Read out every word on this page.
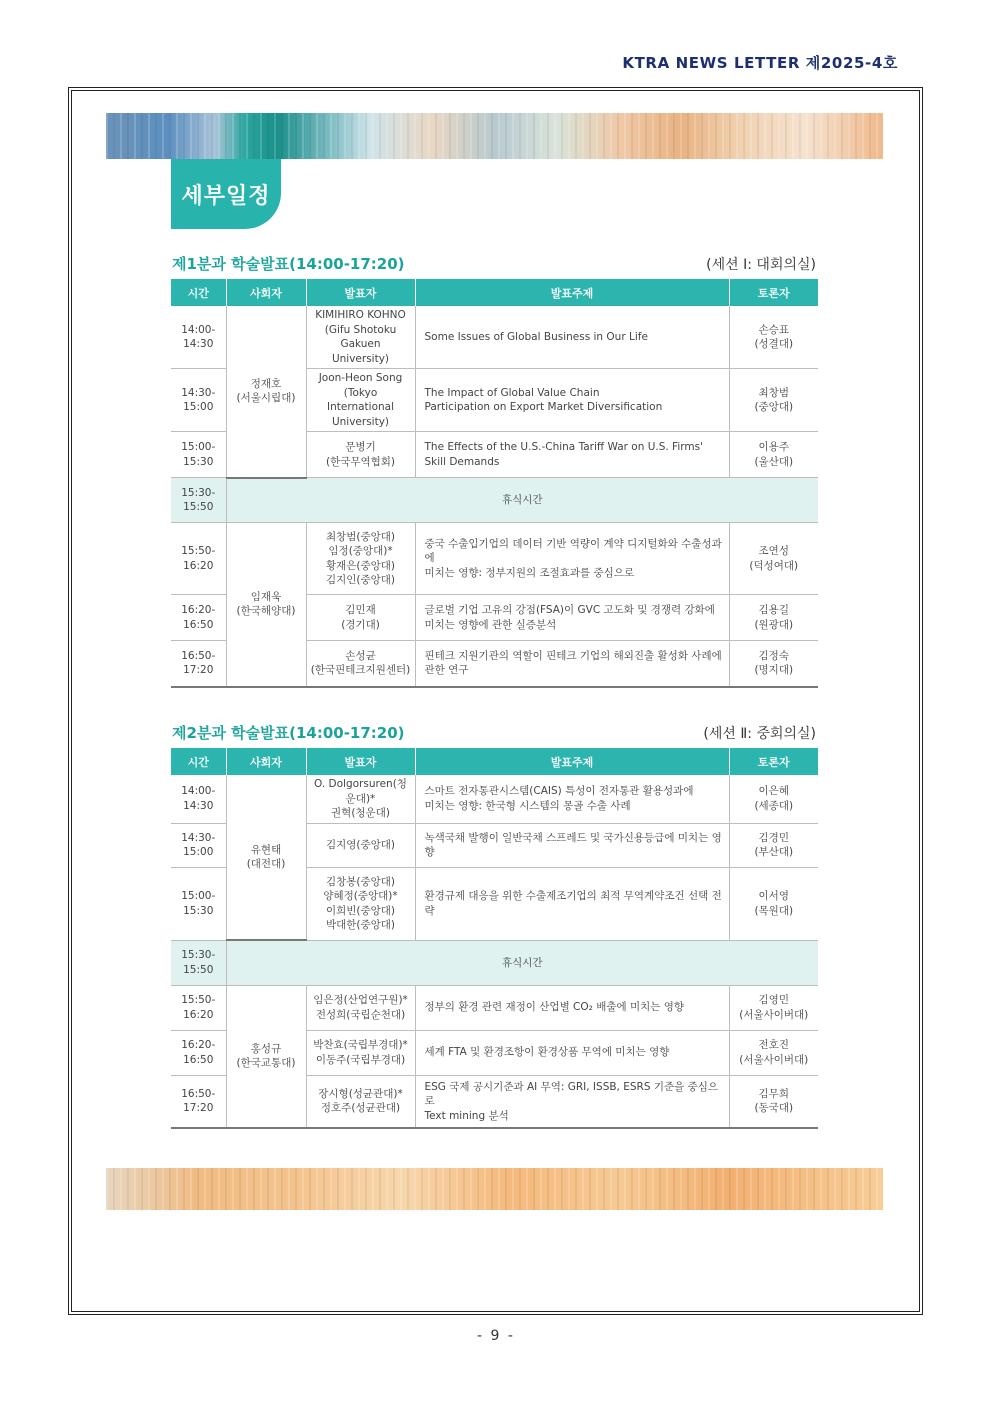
KTRA NEWS LETTER 제2025-4호
세부일정
제1분과 학술발표(14:00-17:20)	(세션 Ⅰ: 대회의실)
시간	사회자	발표자	발표주제	토론자
14:00-
14:30	정재호
(서울시립대)	KIMIHIRO KOHNO
(Gifu Shotoku Gakuen
University)	Some Issues of Global Business in Our Life	손승표
(성결대)
14:30-
15:00		Joon-Heon Song
(Tokyo International
University)	The Impact of Global Value Chain
Participation on Export Market Diversification	최창범
(중앙대)
15:00-
15:30		문병기
(한국무역협회)	The Effects of the U.S.-China Tariff War on U.S. Firms'
Skill Demands	이용주
(울산대)
15:30-
15:50	휴식시간			
15:50-
16:20	임재욱
(한국해양대)	최창범(중앙대)
임정(중앙대)*
황재은(중앙대)
김지인(중앙대)	중국 수출입기업의 데이터 기반 역량이 계약 디지털화와 수출성과에
미치는 영향: 정부지원의 조절효과를 중심으로	조연성
(덕성여대)
16:20-
16:50		김민재
(경기대)	글로벌 기업 고유의 강점(FSA)이 GVC 고도화 및 경쟁력 강화에
미치는 영향에 관한 실증분석	김용길
(원광대)
16:50-
17:20		손성균
(한국핀테크지원센터)	핀테크 지원기관의 역할이 핀테크 기업의 해외진출 활성화 사례에
관한 연구	김정숙
(명지대)
제2분과 학술발표(14:00-17:20)	(세션 Ⅱ: 중회의실)
시간	사회자	발표자	발표주제	토론자
14:00-
14:30	유현태
(대전대)	O. Dolgorsuren(청운대)*
권혁(청운대)	스마트 전자통관시스템(CAIS) 특성이 전자통관 활용성과에
미치는 영향: 한국형 시스템의 몽골 수출 사례	이은혜
(세종대)
14:30-
15:00		김지영(중앙대)	녹색국채 발행이 일반국채 스프레드 및 국가신용등급에 미치는 영향	김경민
(부산대)
15:00-
15:30		김창봉(중앙대)
양혜정(중앙대)*
이희빈(중앙대)
박대한(중앙대)	환경규제 대응을 위한 수출제조기업의 최적 무역계약조건 선택 전략	이서영
(목원대)
15:30-
15:50	휴식시간			
15:50-
16:20	홍성규
(한국교통대)	임은정(산업연구원)*
전성희(국립순천대)	정부의 환경 관련 재정이 산업별 CO₂ 배출에 미치는 영향	김영민
(서울사이버대)
16:20-
16:50		박찬효(국립부경대)*
이동주(국립부경대)	세계 FTA 및 환경조항이 환경상품 무역에 미치는 영향	전호진
(서울사이버대)
16:50-
17:20		장시형(성균관대)*
정호주(성균관대)	ESG 국제 공시기준과 AI 무역: GRI, ISSB, ESRS 기준을 중심으로
Text mining 분석	김무희
(동국대)
- 9 -
